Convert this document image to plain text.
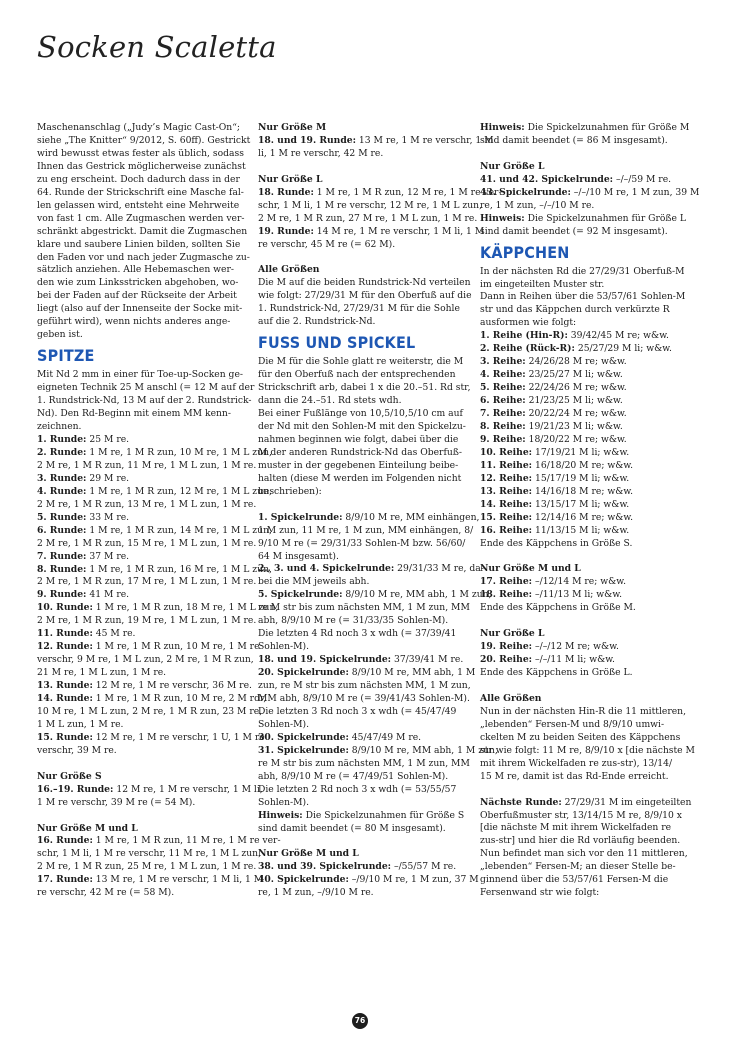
Socken Scaletta

Maschenanschlag („Judy’s Magic Cast-On“;
siehe „The Knitter“ 9/2012, S. 60ff). Gestrickt
wird bewusst etwas fester als üblich, sodass
Ihnen das Gestrick möglicherweise zunächst
zu eng erscheint. Doch dadurch dass in der
64. Runde der Strickschrift eine Masche fal-
len gelassen wird, entsteht eine Mehrweite
von fast 1 cm. Alle Zugmaschen werden ver-
schränkt abgestrickt. Damit die Zugmaschen
klare und saubere Linien bilden, sollten Sie
den Faden vor und nach jeder Zugmasche zu-
sätzlich anziehen. Alle Hebemaschen wer-
den wie zum Linksstricken abgehoben, wo-
bei der Faden auf der Rückseite der Arbeit
liegt (also auf der Innenseite der Socke mit-
geführt wird), wenn nichts anderes ange-
geben ist.

SPITZE

Mit Nd 2 mm in einer für Toe-up-Socken ge-
eigneten Technik 25 M anschl (= 12 M auf der
1. Rundstrick-Nd, 13 M auf der 2. Rundstrick-
Nd). Den Rd-Beginn mit einem MM kenn-
zeichnen.

1. Runde: 25 M re.

2. Runde: 1 M re, 1 M R zun, 10 M re, 1 M L zun,
2 M re, 1 M R zun, 11 M re, 1 M L zun, 1 M re.

3. Runde: 29 M re.

4. Runde: 1 M re, 1 M R zun, 12 M re, 1 M L zun,
2 M re, 1 M R zun, 13 M re, 1 M L zun, 1 M re.

5. Runde: 33 M re.

6. Runde: 1 M re, 1 M R zun, 14 M re, 1 M L zun,
2 M re, 1 M R zun, 15 M re, 1 M L zun, 1 M re.

7. Runde: 37 M re.

8. Runde: 1 M re, 1 M R zun, 16 M re, 1 M L zun,
2 M re, 1 M R zun, 17 M re, 1 M L zun, 1 M re.

9. Runde: 41 M re.

10. Runde: 1 M re, 1 M R zun, 18 M re, 1 M L zun,
2 M re, 1 M R zun, 19 M re, 1 M L zun, 1 M re.

11. Runde: 45 M re.

12. Runde: 1 M re, 1 M R zun, 10 M re, 1 M re
verschr, 9 M re, 1 M L zun, 2 M re, 1 M R zun,
21 M re, 1 M L zun, 1 M re.

13. Runde: 12 M re, 1 M re verschr, 36 M re.

14. Runde: 1 M re, 1 M R zun, 10 M re, 2 M rdr,
10 M re, 1 M L zun, 2 M re, 1 M R zun, 23 M re,
1 M L zun, 1 M re.

15. Runde: 12 M re, 1 M re verschr, 1 U, 1 M re
verschr, 39 M re.

Nur Größe S

16.–19. Runde: 12 M re, 1 M re verschr, 1 M li,
1 M re verschr, 39 M re (= 54 M).

Nur Größe M und L

16. Runde: 1 M re, 1 M R zun, 11 M re, 1 M re ver-
schr, 1 M li, 1 M re verschr, 11 M re, 1 M L zun,
2 M re, 1 M R zun, 25 M re, 1 M L zun, 1 M re.

17. Runde: 13 M re, 1 M re verschr, 1 M li, 1 M
re verschr, 42 M re (= 58 M).

Nur Größe M

18. und 19. Runde: 13 M re, 1 M re verschr, 1 M
li, 1 M re verschr, 42 M re.

Nur Größe L

18. Runde: 1 M re, 1 M R zun, 12 M re, 1 M re ver-
schr, 1 M li, 1 M re verschr, 12 M re, 1 M L zun,
2 M re, 1 M R zun, 27 M re, 1 M L zun, 1 M re.

19. Runde: 14 M re, 1 M re verschr, 1 M li, 1 M
re verschr, 45 M re (= 62 M).

Alle Größen

Die M auf die beiden Rundstrick-Nd verteilen
wie folgt: 27/29/31 M für den Oberfuß auf die
1. Rundstrick-Nd, 27/29/31 M für die Sohle
auf die 2. Rundstrick-Nd.

FUSS UND SPICKEL

Die M für die Sohle glatt re weiterstr, die M
für den Oberfuß nach der entsprechenden
Strickschrift arb, dabei 1 x die 20.–51. Rd str,
dann die 24.–51. Rd stets wdh.
Bei einer Fußlänge von 10,5/10,5/10 cm auf
der Nd mit den Sohlen-M mit den Spickelzu-
nahmen beginnen wie folgt, dabei über die
M der anderen Rundstrick-Nd das Oberfuß-
muster in der gegebenen Einteilung beibe-
halten (diese M werden im Folgenden nicht
beschrieben):

1. Spickelrunde: 8/9/10 M re, MM einhängen,
1 M zun, 11 M re, 1 M zun, MM einhängen, 8/
9/10 M re (= 29/31/33 Sohlen-M bzw. 56/60/
64 M insgesamt).

2., 3. und 4. Spickelrunde: 29/31/33 M re, da-
bei die MM jeweils abh.

5. Spickelrunde: 8/9/10 M re, MM abh, 1 M zun,
re M str bis zum nächsten MM, 1 M zun, MM
abh, 8/9/10 M re (= 31/33/35 Sohlen-M).
Die letzten 4 Rd noch 3 x wdh (= 37/39/41
Sohlen-M).

18. und 19. Spickelrunde: 37/39/41 M re.

20. Spickelrunde: 8/9/10 M re, MM abh, 1 M
zun, re M str bis zum nächsten MM, 1 M zun,
MM abh, 8/9/10 M re (= 39/41/43 Sohlen-M).
Die letzten 3 Rd noch 3 x wdh (= 45/47/49
Sohlen-M).

30. Spickelrunde: 45/47/49 M re.

31. Spickelrunde: 8/9/10 M re, MM abh, 1 M zun,
re M str bis zum nächsten MM, 1 M zun, MM
abh, 8/9/10 M re (= 47/49/51 Sohlen-M).
Die letzten 2 Rd noch 3 x wdh (= 53/55/57
Sohlen-M).

Hinweis: Die Spickelzunahmen für Größe S
sind damit beendet (= 80 M insgesamt).

Nur Größe M und L

38. und 39. Spickelrunde: –/55/57 M re.

40. Spickelrunde: –/9/10 M re, 1 M zun, 37 M
re, 1 M zun, –/9/10 M re.

Hinweis: Die Spickelzunahmen für Größe M
sind damit beendet (= 86 M insgesamt).

Nur Größe L

41. und 42. Spickelrunde: –/–/59 M re.

43. Spickelrunde: –/–/10 M re, 1 M zun, 39 M
re, 1 M zun, –/–/10 M re.

Hinweis: Die Spickelzunahmen für Größe L
sind damit beendet (= 92 M insgesamt).

KÄPPCHEN

In der nächsten Rd die 27/29/31 Oberfuß-M
im eingeteilten Muster str.
Dann in Reihen über die 53/57/61 Sohlen-M
str und das Käppchen durch verkürzte R
ausformen wie folgt:

1. Reihe (Hin-R): 39/42/45 M re; w&w.

2. Reihe (Rück-R): 25/27/29 M li; w&w.

3. Reihe: 24/26/28 M re; w&w.

4. Reihe: 23/25/27 M li; w&w.

5. Reihe: 22/24/26 M re; w&w.

6. Reihe: 21/23/25 M li; w&w.

7. Reihe: 20/22/24 M re; w&w.

8. Reihe: 19/21/23 M li; w&w.

9. Reihe: 18/20/22 M re; w&w.

10. Reihe: 17/19/21 M li; w&w.

11. Reihe: 16/18/20 M re; w&w.

12. Reihe: 15/17/19 M li; w&w.

13. Reihe: 14/16/18 M re; w&w.

14. Reihe: 13/15/17 M li; w&w.

15. Reihe: 12/14/16 M re; w&w.

16. Reihe: 11/13/15 M li; w&w.

Ende des Käppchens in Größe S.

Nur Größe M und L

17. Reihe: –/12/14 M re; w&w.

18. Reihe: –/11/13 M li; w&w.

Ende des Käppchens in Größe M.

Nur Größe L

19. Reihe: –/–/12 M re; w&w.

20. Reihe: –/–/11 M li; w&w.

Ende des Käppchens in Größe L.

Alle Größen

Nun in der nächsten Hin-R die 11 mittleren,
„lebenden“ Fersen-M und 8/9/10 umwi-
ckelten M zu beiden Seiten des Käppchens
str wie folgt: 11 M re, 8/9/10 x [die nächste M
mit ihrem Wickelfaden re zus-str), 13/14/
15 M re, damit ist das Rd-Ende erreicht.

Nächste Runde: 27/29/31 M im eingeteilten
Oberfußmuster str, 13/14/15 M re, 8/9/10 x
[die nächste M mit ihrem Wickelfaden re
zus-str] und hier die Rd vorläufig beenden.
Nun befindet man sich vor den 11 mittleren,
„lebenden“ Fersen-M; an dieser Stelle be-
ginnend über die 53/57/61 Fersen-M die
Fersenwand str wie folgt:

76
